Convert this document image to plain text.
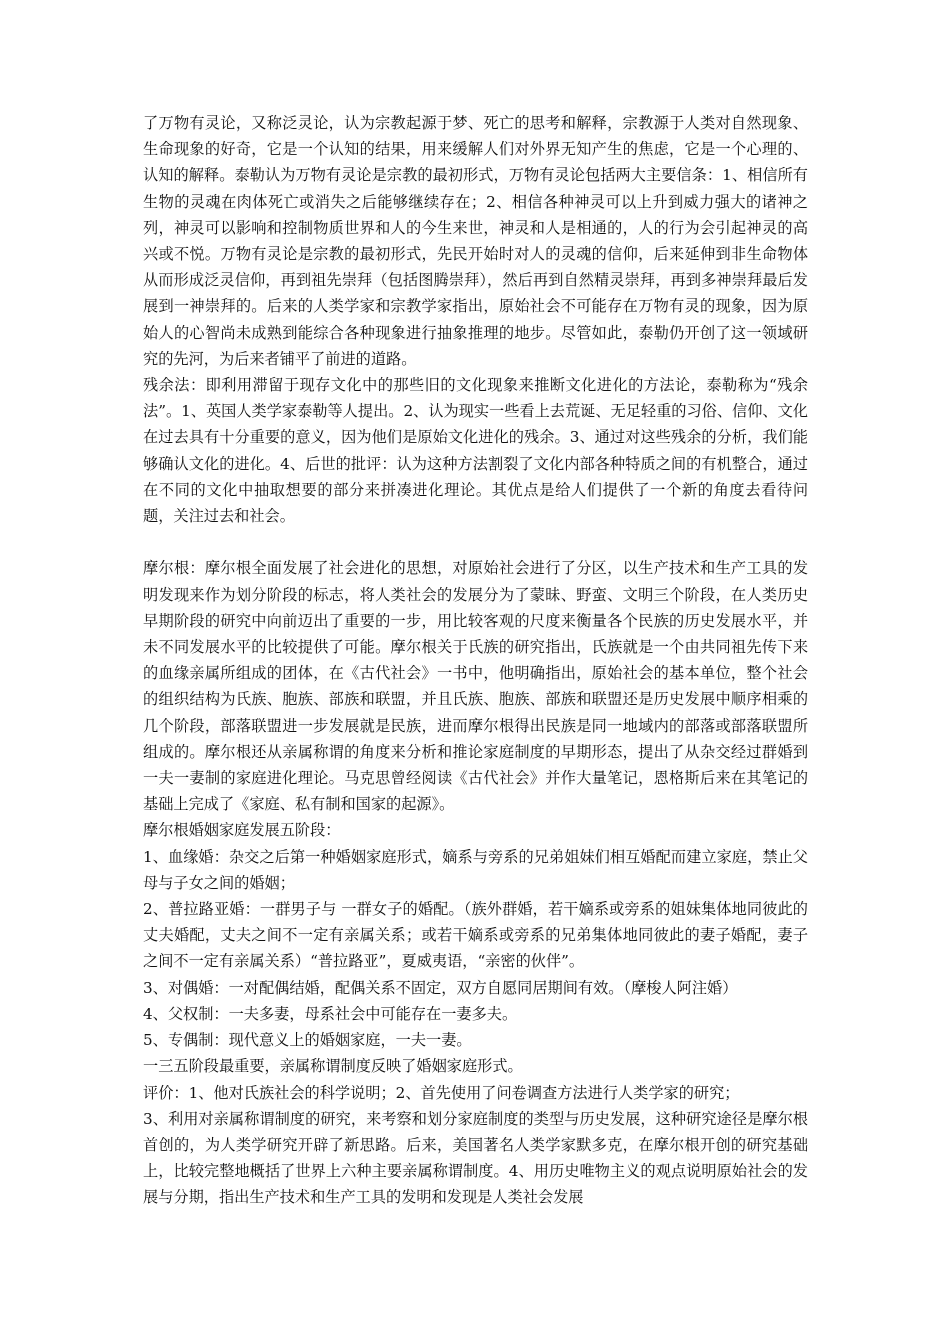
了万物有灵论，又称泛灵论，认为宗教起源于梦、死亡的思考和解释，宗教源于人类对自然现象、生命现象的好奇，它是一个认知的结果，用来缓解人们对外界无知产生的焦虑，它是一个心理的、认知的解释。泰勒认为万物有灵论是宗教的最初形式，万物有灵论包括两大主要信条：1、相信所有生物的灵魂在肉体死亡或消失之后能够继续存在；2、相信各种神灵可以上升到威力强大的诸神之列，神灵可以影响和控制物质世界和人的今生来世，神灵和人是相通的，人的行为会引起神灵的高兴或不悦。万物有灵论是宗教的最初形式，先民开始时对人的灵魂的信仰，后来延伸到非生命物体从而形成泛灵信仰，再到祖先崇拜（包括图腾崇拜），然后再到自然精灵崇拜，再到多神崇拜最后发展到一神崇拜的。后来的人类学家和宗教学家指出，原始社会不可能存在万物有灵的现象，因为原始人的心智尚未成熟到能综合各种现象进行抽象推理的地步。尽管如此，泰勒仍开创了这一领域研究的先河，为后来者铺平了前进的道路。

残余法：即利用滞留于现存文化中的那些旧的文化现象来推断文化进化的方法论，泰勒称为“残余法”。1、英国人类学家泰勒等人提出。2、认为现实一些看上去荒诞、无足轻重的习俗、信仰、文化在过去具有十分重要的意义，因为他们是原始文化进化的残余。3、通过对这些残余的分析，我们能够确认文化的进化。4、后世的批评：认为这种方法割裂了文化内部各种特质之间的有机整合，通过在不同的文化中抽取想要的部分来拼凑进化理论。其优点是给人们提供了一个新的角度去看待问题，关注过去和社会。

摩尔根：摩尔根全面发展了社会进化的思想，对原始社会进行了分区，以生产技术和生产工具的发明发现来作为划分阶段的标志，将人类社会的发展分为了蒙昧、野蛮、文明三个阶段，在人类历史早期阶段的研究中向前迈出了重要的一步，用比较客观的尺度来衡量各个民族的历史发展水平，并未不同发展水平的比较提供了可能。摩尔根关于氏族的研究指出，氏族就是一个由共同祖先传下来的血缘亲属所组成的团体，在《古代社会》一书中，他明确指出，原始社会的基本单位，整个社会的组织结构为氏族、胞族、部族和联盟，并且氏族、胞族、部族和联盟还是历史发展中顺序相乘的几个阶段，部落联盟进一步发展就是民族，进而摩尔根得出民族是同一地域内的部落或部落联盟所组成的。摩尔根还从亲属称谓的角度来分析和推论家庭制度的早期形态，提出了从杂交经过群婚到一夫一妻制的家庭进化理论。马克思曾经阅读《古代社会》并作大量笔记，恩格斯后来在其笔记的基础上完成了《家庭、私有制和国家的起源》。

摩尔根婚姻家庭发展五阶段：

1、血缘婚：杂交之后第一种婚姻家庭形式，嫡系与旁系的兄弟姐妹们相互婚配而建立家庭，禁止父母与子女之间的婚姻；

2、普拉路亚婚：一群男子与 一群女子的婚配。（族外群婚，若干嫡系或旁系的姐妹集体地同彼此的丈夫婚配，丈夫之间不一定有亲属关系；或若干嫡系或旁系的兄弟集体地同彼此的妻子婚配，妻子之间不一定有亲属关系）“普拉路亚”，夏威夷语，“亲密的伙伴”。

3、对偶婚：一对配偶结婚，配偶关系不固定，双方自愿同居期间有效。（摩梭人阿注婚）

4、父权制：一夫多妻，母系社会中可能存在一妻多夫。

5、专偶制：现代意义上的婚姻家庭，一夫一妻。

一三五阶段最重要，亲属称谓制度反映了婚姻家庭形式。

评价：1、他对氏族社会的科学说明；2、首先使用了问卷调查方法进行人类学家的研究；

3、利用对亲属称谓制度的研究，来考察和划分家庭制度的类型与历史发展，这种研究途径是摩尔根首创的，为人类学研究开辟了新思路。后来，美国著名人类学家默多克，在摩尔根开创的研究基础上，比较完整地概括了世界上六种主要亲属称谓制度。4、用历史唯物主义的观点说明原始社会的发展与分期，指出生产技术和生产工具的发明和发现是人类社会发展
